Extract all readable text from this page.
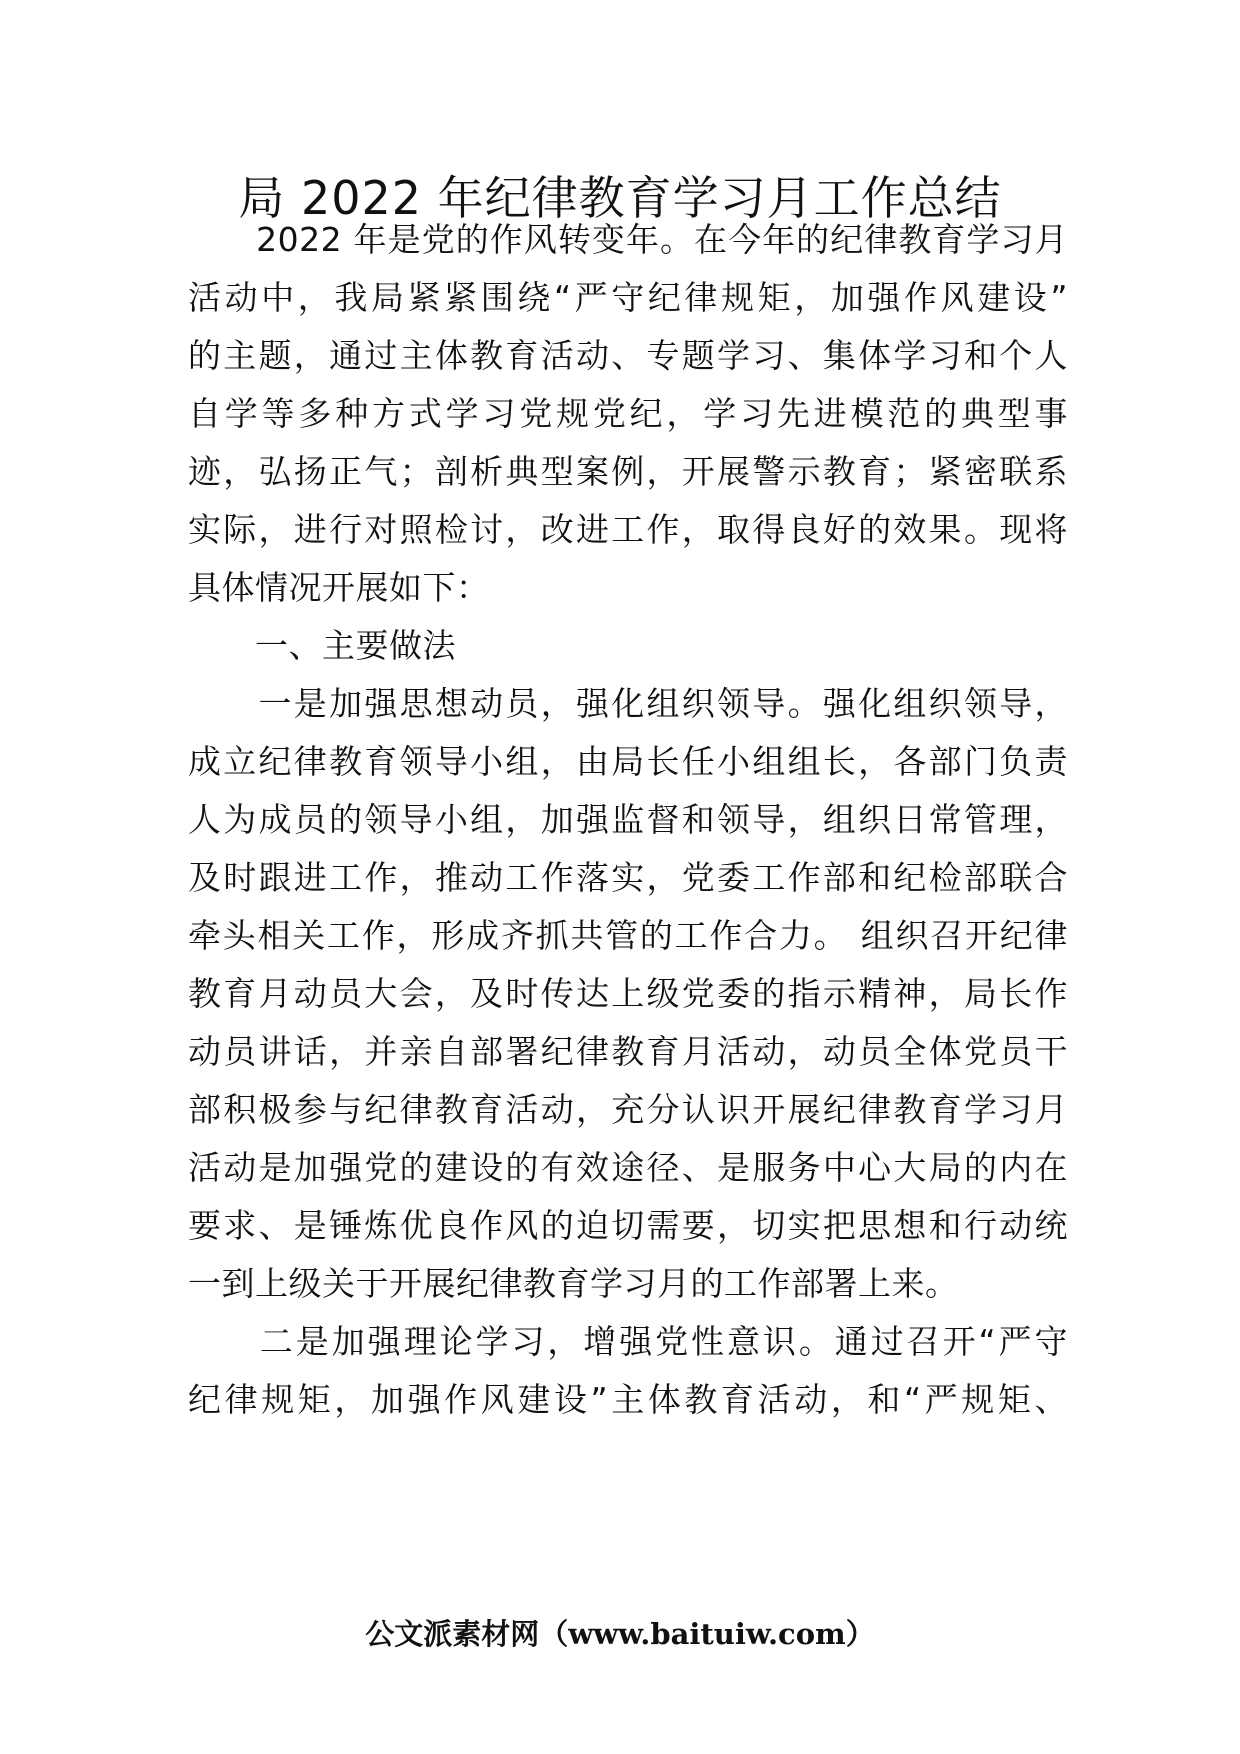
局 2022 年纪律教育学习月工作总结
　　2022 年是党的作风转变年。在今年的纪律教育学习月
活动中，我局紧紧围绕“严守纪律规矩，加强作风建设”
的主题，通过主体教育活动、专题学习、集体学习和个人
自学等多种方式学习党规党纪，学习先进模范的典型事
迹，弘扬正气；剖析典型案例，开展警示教育；紧密联系
实际，进行对照检讨，改进工作，取得良好的效果。现将
具体情况开展如下：
　　一、主要做法
　　一是加强思想动员，强化组织领导。强化组织领导，
成立纪律教育领导小组，由局长任小组组长，各部门负责
人为成员的领导小组，加强监督和领导，组织日常管理，
及时跟进工作，推动工作落实，党委工作部和纪检部联合
牵头相关工作，形成齐抓共管的工作合力。 组织召开纪律
教育月动员大会，及时传达上级党委的指示精神，局长作
动员讲话，并亲自部署纪律教育月活动，动员全体党员干
部积极参与纪律教育活动，充分认识开展纪律教育学习月
活动是加强党的建设的有效途径、是服务中心大局的内在
要求、是锤炼优良作风的迫切需要，切实把思想和行动统
一到上级关于开展纪律教育学习月的工作部署上来。
　　二是加强理论学习，增强党性意识。通过召开“严守
纪律规矩，加强作风建设”主体教育活动，和“严规矩、
公文派素材网（www.baituiw.com）
